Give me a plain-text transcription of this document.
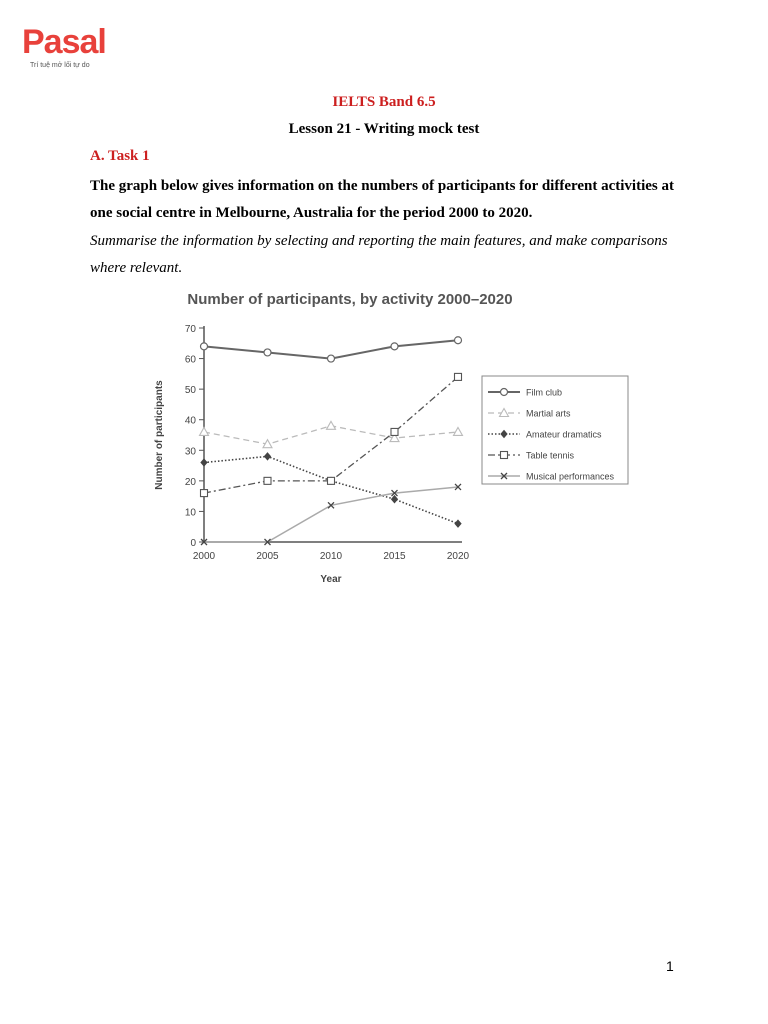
Pasal
Trí tuệ mở lối tự do
IELTS Band 6.5
Lesson 21 - Writing mock test
A. Task 1
The graph below gives information on the numbers of participants for different activities at one social centre in Melbourne, Australia for the period 2000 to 2020.
Summarise the information by selecting and reporting the main features, and make comparisons where relevant.
Number of participants, by activity 2000–2020
0
10
20
30
40
50
60
70
2000	2005	2010	2015	2020
Year
Number of participants	Film club
Martial arts
Amateur dramatics
Table tennis
Musical performances
1
